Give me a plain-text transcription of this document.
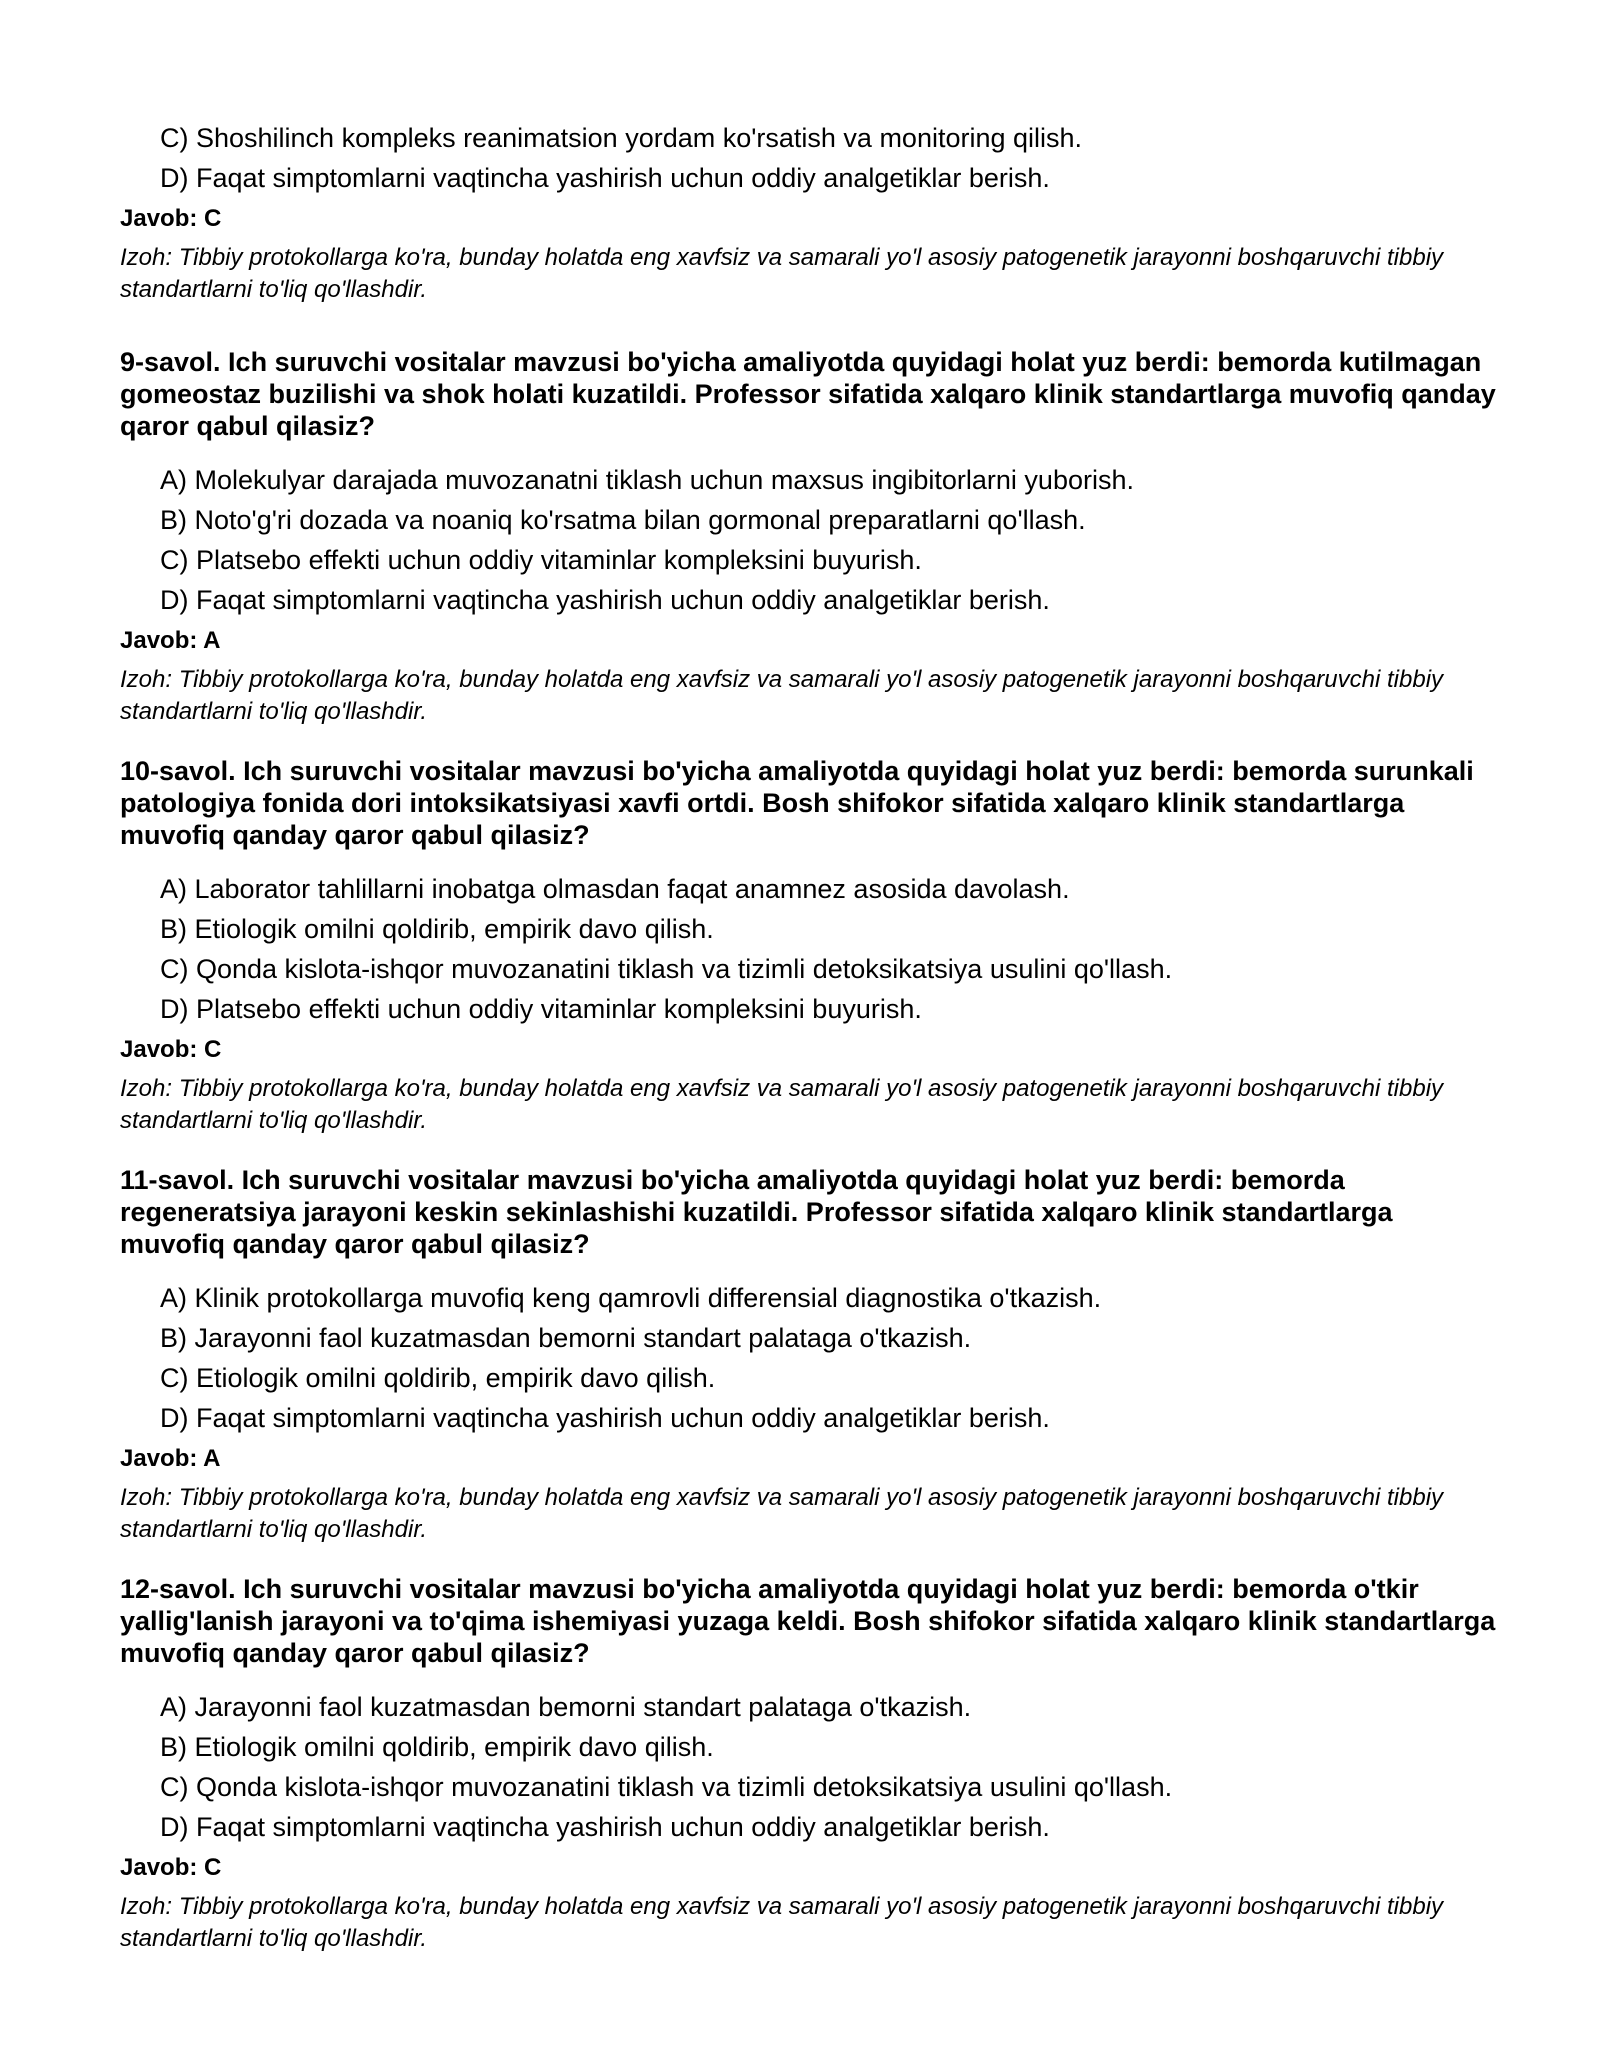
C) Shoshilinch kompleks reanimatsion yordam ko'rsatish va monitoring qilish.
D) Faqat simptomlarni vaqtincha yashirish uchun oddiy analgetiklar berish.
Javob: C
Izoh: Tibbiy protokollarga ko'ra, bunday holatda eng xavfsiz va samarali yo'l asosiy patogenetik jarayonni boshqaruvchi tibbiy standartlarni to'liq qo'llashdir.

9-savol. Ich suruvchi vositalar mavzusi bo'yicha amaliyotda quyidagi holat yuz berdi: bemorda kutilmagan gomeostaz buzilishi va shok holati kuzatildi. Professor sifatida xalqaro klinik standartlarga muvofiq qanday qaror qabul qilasiz?

A) Molekulyar darajada muvozanatni tiklash uchun maxsus ingibitorlarni yuborish.
B) Noto'g'ri dozada va noaniq ko'rsatma bilan gormonal preparatlarni qo'llash.
C) Platsebo effekti uchun oddiy vitaminlar kompleksini buyurish.
D) Faqat simptomlarni vaqtincha yashirish uchun oddiy analgetiklar berish.
Javob: A
Izoh: Tibbiy protokollarga ko'ra, bunday holatda eng xavfsiz va samarali yo'l asosiy patogenetik jarayonni boshqaruvchi tibbiy standartlarni to'liq qo'llashdir.

10-savol. Ich suruvchi vositalar mavzusi bo'yicha amaliyotda quyidagi holat yuz berdi: bemorda surunkali patologiya fonida dori intoksikatsiyasi xavfi ortdi. Bosh shifokor sifatida xalqaro klinik standartlarga muvofiq qanday qaror qabul qilasiz?

A) Laborator tahlillarni inobatga olmasdan faqat anamnez asosida davolash.
B) Etiologik omilni qoldirib, empirik davo qilish.
C) Qonda kislota-ishqor muvozanatini tiklash va tizimli detoksikatsiya usulini qo'llash.
D) Platsebo effekti uchun oddiy vitaminlar kompleksini buyurish.
Javob: C
Izoh: Tibbiy protokollarga ko'ra, bunday holatda eng xavfsiz va samarali yo'l asosiy patogenetik jarayonni boshqaruvchi tibbiy standartlarni to'liq qo'llashdir.

11-savol. Ich suruvchi vositalar mavzusi bo'yicha amaliyotda quyidagi holat yuz berdi: bemorda regeneratsiya jarayoni keskin sekinlashishi kuzatildi. Professor sifatida xalqaro klinik standartlarga muvofiq qanday qaror qabul qilasiz?

A) Klinik protokollarga muvofiq keng qamrovli differensial diagnostika o'tkazish.
B) Jarayonni faol kuzatmasdan bemorni standart palataga o'tkazish.
C) Etiologik omilni qoldirib, empirik davo qilish.
D) Faqat simptomlarni vaqtincha yashirish uchun oddiy analgetiklar berish.
Javob: A
Izoh: Tibbiy protokollarga ko'ra, bunday holatda eng xavfsiz va samarali yo'l asosiy patogenetik jarayonni boshqaruvchi tibbiy standartlarni to'liq qo'llashdir.

12-savol. Ich suruvchi vositalar mavzusi bo'yicha amaliyotda quyidagi holat yuz berdi: bemorda o'tkir yallig'lanish jarayoni va to'qima ishemiyasi yuzaga keldi. Bosh shifokor sifatida xalqaro klinik standartlarga muvofiq qanday qaror qabul qilasiz?

A) Jarayonni faol kuzatmasdan bemorni standart palataga o'tkazish.
B) Etiologik omilni qoldirib, empirik davo qilish.
C) Qonda kislota-ishqor muvozanatini tiklash va tizimli detoksikatsiya usulini qo'llash.
D) Faqat simptomlarni vaqtincha yashirish uchun oddiy analgetiklar berish.
Javob: C
Izoh: Tibbiy protokollarga ko'ra, bunday holatda eng xavfsiz va samarali yo'l asosiy patogenetik jarayonni boshqaruvchi tibbiy standartlarni to'liq qo'llashdir.
